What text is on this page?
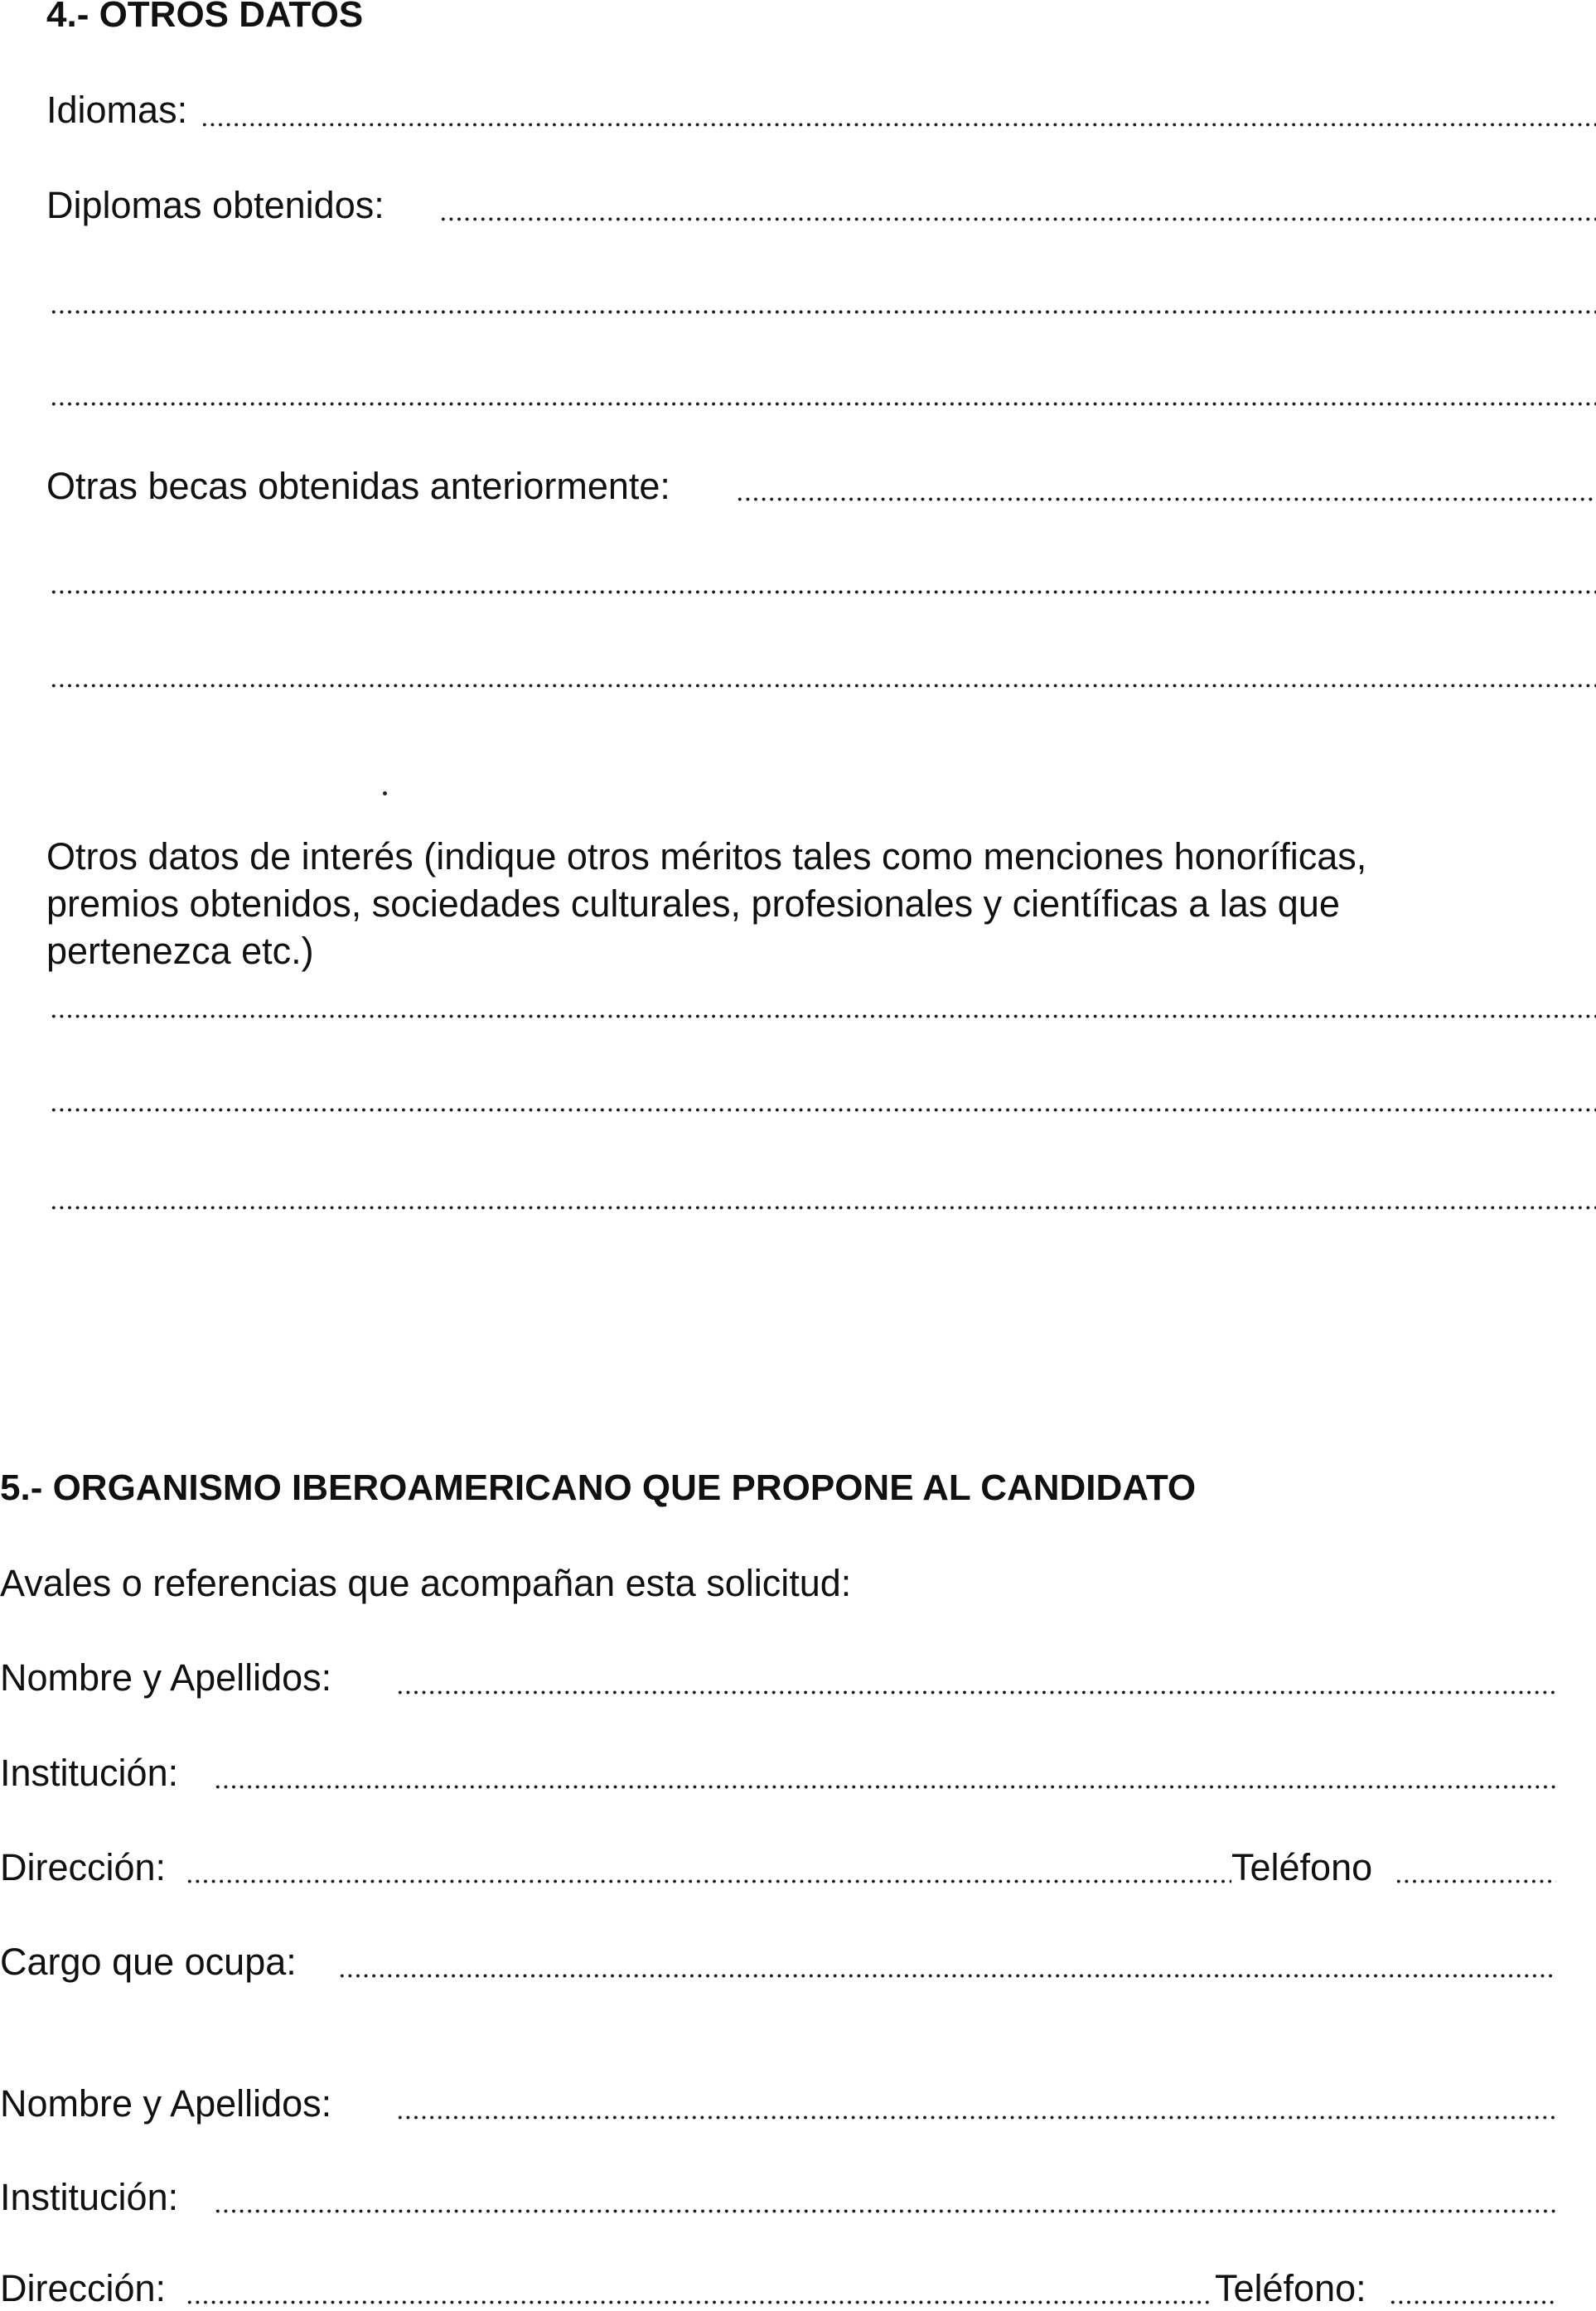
4.- OTROS DATOS
Idiomas:
Diplomas obtenidos:
Otras becas obtenidas anteriormente:
Otros datos de interés (indique otros méritos tales como menciones honoríficas,
premios obtenidos, sociedades culturales, profesionales y científicas a las que
pertenezca etc.)
5.- ORGANISMO IBEROAMERICANO QUE PROPONE AL CANDIDATO
Avales o referencias que acompañan esta solicitud:
Nombre y Apellidos:
Institución:
Dirección:	Teléfono
Cargo que ocupa:
Nombre y Apellidos:
Institución:
Dirección:	Teléfono:
